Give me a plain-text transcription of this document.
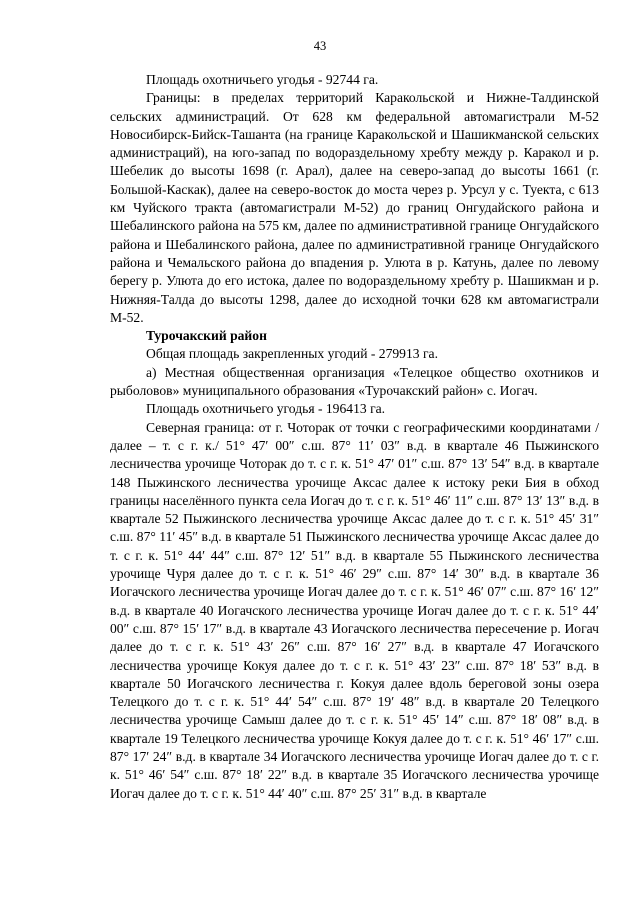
43

Площадь охотничьего угодья - 92744 га.

Границы: в пределах территорий Каракольской и Нижне-Талдинской сельских администраций. От 628 км федеральной автомагистрали М-52 Новосибирск-Бийск-Ташанта (на границе Каракольской и Шашикманской сельских администраций), на юго-запад по водораздельному хребту между р. Каракол и р. Шебелик до высоты 1698 (г. Арал), далее на северо-запад до высоты 1661 (г. Большой-Каскак), далее на северо-восток до моста через р. Урсул у с. Туекта, с 613 км Чуйского тракта (автомагистрали М-52) до границ Онгудайского района и Шебалинского района на 575 км, далее по административной границе Онгудайского района и Шебалинского района, далее по административной границе Онгудайского района и Чемальского района до впадения р. Улюта в р. Катунь, далее по левому берегу р. Улюта до его истока, далее по водораздельному хребту р. Шашикман и р. Нижняя-Талда до высоты 1298, далее до исходной точки 628 км автомагистрали М-52.

Турочакский район

Общая площадь закрепленных угодий - 279913 га.

а) Местная общественная организация «Телецкое общество охотников и рыболовов» муниципального образования «Турочакский район» с. Иогач.

Площадь охотничьего угодья - 196413 га.

Северная граница: от г. Чоторак от точки с географическими координатами /далее – т. с г. к./ 51° 47′ 00″ с.ш. 87° 11′ 03″ в.д. в квартале 46 Пыжинского лесничества урочище Чоторак до т. с г. к. 51° 47′ 01″ с.ш. 87° 13′ 54″ в.д. в квартале 148 Пыжинского лесничества урочище Аксас далее к истоку реки Бия в обход границы населённого пункта села Иогач до т. с г. к. 51° 46′ 11″ с.ш. 87° 13′ 13″ в.д. в квартале 52 Пыжинского лесничества урочище Аксас далее до т. с г. к. 51° 45′ 31″ с.ш. 87° 11′ 45″ в.д. в квартале 51 Пыжинского лесничества урочище Аксас далее до т. с г. к. 51° 44′ 44″ с.ш. 87° 12′ 51″ в.д. в квартале 55 Пыжинского лесничества урочище Чуря далее до т. с г. к. 51° 46′ 29″ с.ш. 87° 14′ 30″ в.д. в квартале 36 Иогачского лесничества урочище Иогач далее до т. с г. к. 51° 46′ 07″ с.ш. 87° 16′ 12″ в.д. в квартале 40 Иогачского лесничества урочище Иогач далее до т. с г. к. 51° 44′ 00″ с.ш. 87° 15′ 17″ в.д. в квартале 43 Иогачского лесничества пересечение р. Иогач далее до т. с г. к. 51° 43′ 26″ с.ш. 87° 16′ 27″ в.д. в квартале 47 Иогачского лесничества урочище Кокуя далее до т. с г. к. 51° 43′ 23″ с.ш. 87° 18′ 53″ в.д. в квартале 50 Иогачского лесничества г. Кокуя далее вдоль береговой зоны озера Телецкого до т. с г. к. 51° 44′ 54″ с.ш. 87° 19′ 48″ в.д. в квартале 20 Телецкого лесничества урочище Самыш далее до т. с г. к. 51° 45′ 14″ с.ш. 87° 18′ 08″ в.д. в квартале 19 Телецкого лесничества урочище Кокуя далее до т. с г. к. 51° 46′ 17″ с.ш. 87° 17′ 24″ в.д. в квартале 34 Иогачского лесничества урочище Иогач далее до т. с г. к. 51° 46′ 54″ с.ш. 87° 18′ 22″ в.д. в квартале 35 Иогачского лесничества урочище Иогач далее до т. с г. к. 51° 44′ 40″ с.ш. 87° 25′ 31″ в.д. в квартале
